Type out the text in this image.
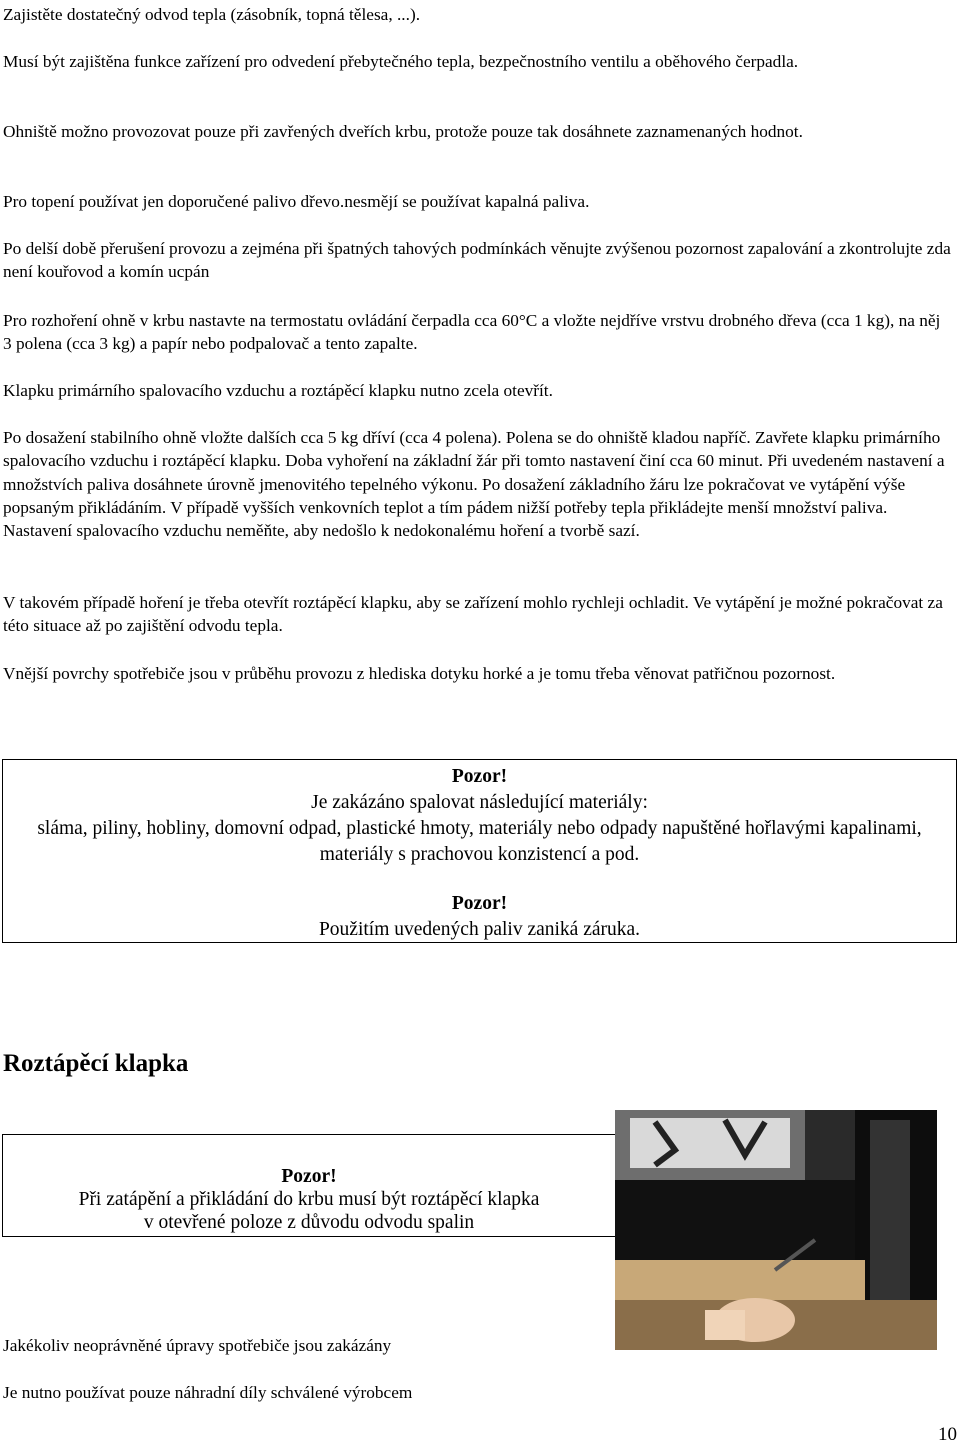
Zajistěte dostatečný odvod tepla (zásobník, topná tělesa, ...).

Musí být zajištěna funkce zařízení pro odvedení přebytečného tepla, bezpečnostního ventilu a oběhového čerpadla.

Ohniště možno provozovat pouze při zavřených dveřích krbu, protože pouze tak dosáhnete zaznamenaných hodnot.

Pro topení používat jen doporučené palivo dřevo.nesmějí se používat kapalná paliva.

Po delší době přerušení provozu a zejména při špatných tahových podmínkách věnujte zvýšenou pozornost zapalování a zkontrolujte zda není kouřovod a komín ucpán

Pro rozhoření ohně v krbu nastavte na termostatu ovládání čerpadla cca 60°C a vložte nejdříve vrstvu drobného dřeva (cca 1 kg), na něj 3 polena (cca 3 kg) a papír nebo podpalovač a tento zapalte.

Klapku primárního spalovacího vzduchu a roztápěcí klapku nutno zcela otevřít.

Po dosažení stabilního ohně vložte dalších cca 5 kg dříví (cca 4 polena). Polena se do ohniště kladou napříč. Zavřete klapku primárního spalovacího vzduchu i roztápěcí klapku. Doba vyhoření na základní žár při tomto nastavení činí cca 60 minut. Při uvedeném nastavení a množstvích paliva dosáhnete úrovně jmenovitého tepelného výkonu. Po dosažení základního žáru lze pokračovat ve vytápění výše popsaným přikládáním. V případě vyšších venkovních teplot a tím pádem nižší potřeby tepla přikládejte menší množství paliva. Nastavení spalovacího vzduchu neměňte, aby nedošlo k nedokonalému hoření a tvorbě sazí.

V takovém případě hoření je třeba otevřít roztápěcí klapku, aby se zařízení mohlo rychleji ochladit. Ve vytápění je možné pokračovat za této situace až po zajištění odvodu tepla.

Vnější povrchy spotřebiče jsou v průběhu provozu z hlediska dotyku horké a je tomu třeba věnovat patřičnou pozornost.

Pozor!
Je zakázáno spalovat následující materiály:
sláma, piliny, hobliny, domovní odpad, plastické hmoty, materiály nebo odpady napuštěné hořlavými kapalinami, materiály s prachovou konzistencí a pod.
Pozor!
Použitím uvedených paliv zaniká záruka.
Roztápěcí klapka
Pozor!
Při zatápění a přikládání do krbu musí být roztápěcí klapka
v otevřené poloze z důvodu odvodu spalin

Jakékoliv neoprávněné úpravy spotřebiče jsou zakázány

Je nutno používat pouze náhradní díly schválené výrobcem

10
